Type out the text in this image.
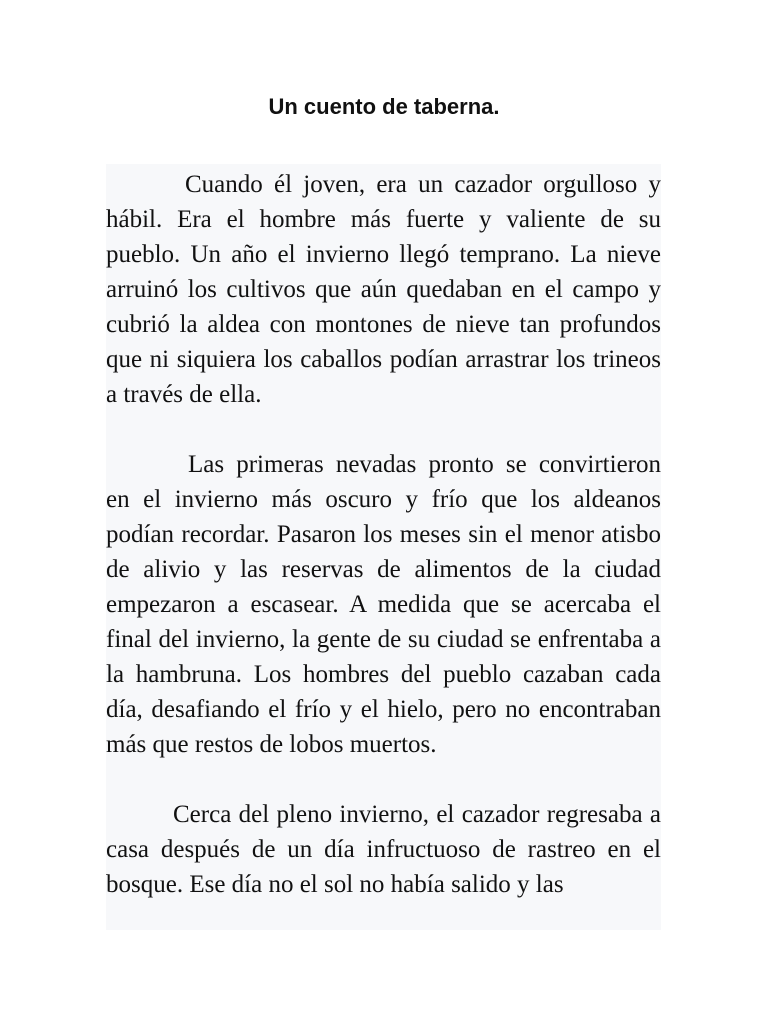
Un cuento de taberna.

Cuando él joven, era un cazador orgulloso y hábil. Era el hombre más fuerte y valiente de su pueblo. Un año el invierno llegó temprano. La nieve arruinó los cultivos que aún quedaban en el campo y cubrió la aldea con montones de nieve tan profundos que ni siquiera los caballos podían arrastrar los trineos a través de ella.

Las primeras nevadas pronto se convirtieron en el invierno más oscuro y frío que los aldeanos podían recordar. Pasaron los meses sin el menor atisbo de alivio y las reservas de alimentos de la ciudad empezaron a escasear. A medida que se acercaba el final del invierno, la gente de su ciudad se enfrentaba a la hambruna. Los hombres del pueblo cazaban cada día, desafiando el frío y el hielo, pero no encontraban más que restos de lobos muertos.

Cerca del pleno invierno, el cazador regresaba a casa después de un día infructuoso de rastreo en el bosque. Ese día no el sol no había salido y las
